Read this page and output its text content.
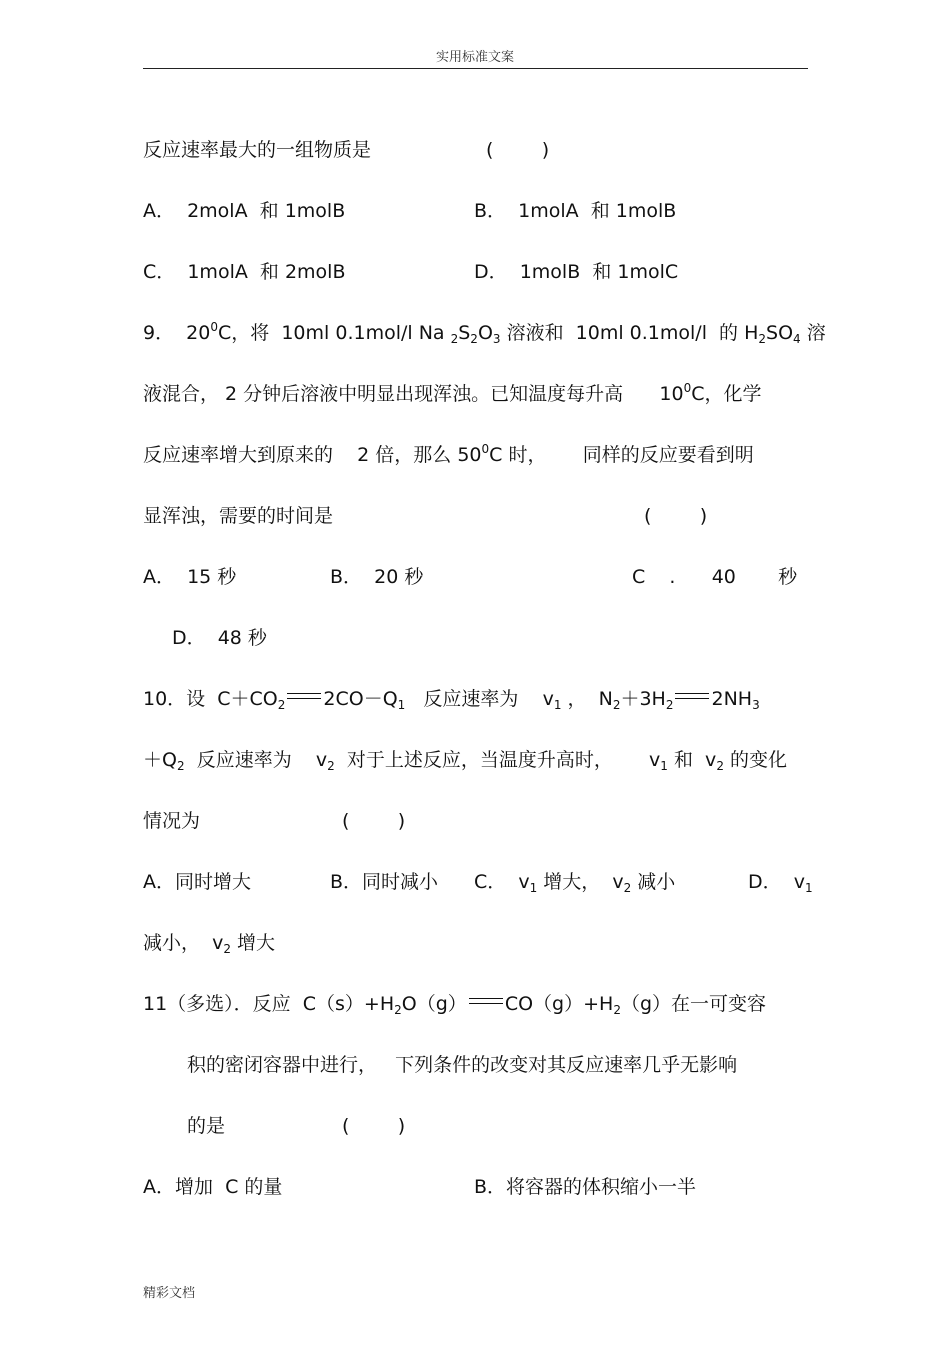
实用标准文案
反应速率最大的一组物质是	(        )
A．  2molA  和 1molB	B．  1molA  和 1molB
C．  1molA  和 2molB	D．  1molB  和 1molC
9．  $20^0C$，将  10ml 0.1mol/l Na $_2S_2O_3$ 溶液和  10ml 0.1mol/l  的 $H_2SO_4$ 溶
液混合， 2 分钟后溶液中明显出现浑浊。已知温度每升高      $10^0C$，化学
反应速率增大到原来的    2 倍，那么 $50^0C$ 时，      同样的反应要看到明
显浑浊，需要的时间是	(        )
A．  15 秒	B．  20 秒	C    .      40       秒
D．  48 秒
10．设  $C+CO_2$ $2CO-Q_1$   反应速率为    $v_1$ ，  $N_2+3H_2$ $2NH_3$
$+Q_2$  反应速率为    $v_2$  对于上述反应，当温度升高时，      $v_1$ 和  $v_2$ 的变化
情况为	(        )
A．同时增大	B．同时减小 C．  $v_1$ 增大，  $v_2$ 减小	D．  $v_1$
减小，  $v_2$ 增大
11（多选）．反应  $C(s)+H_2O(g)$ $CO(g)+H_2(g)$在一可变容
积的密闭容器中进行，   下列条件的改变对其反应速率几乎无影响
的是	(        )
A．增加  C 的量	B．将容器的体积缩小一半
精彩文档
